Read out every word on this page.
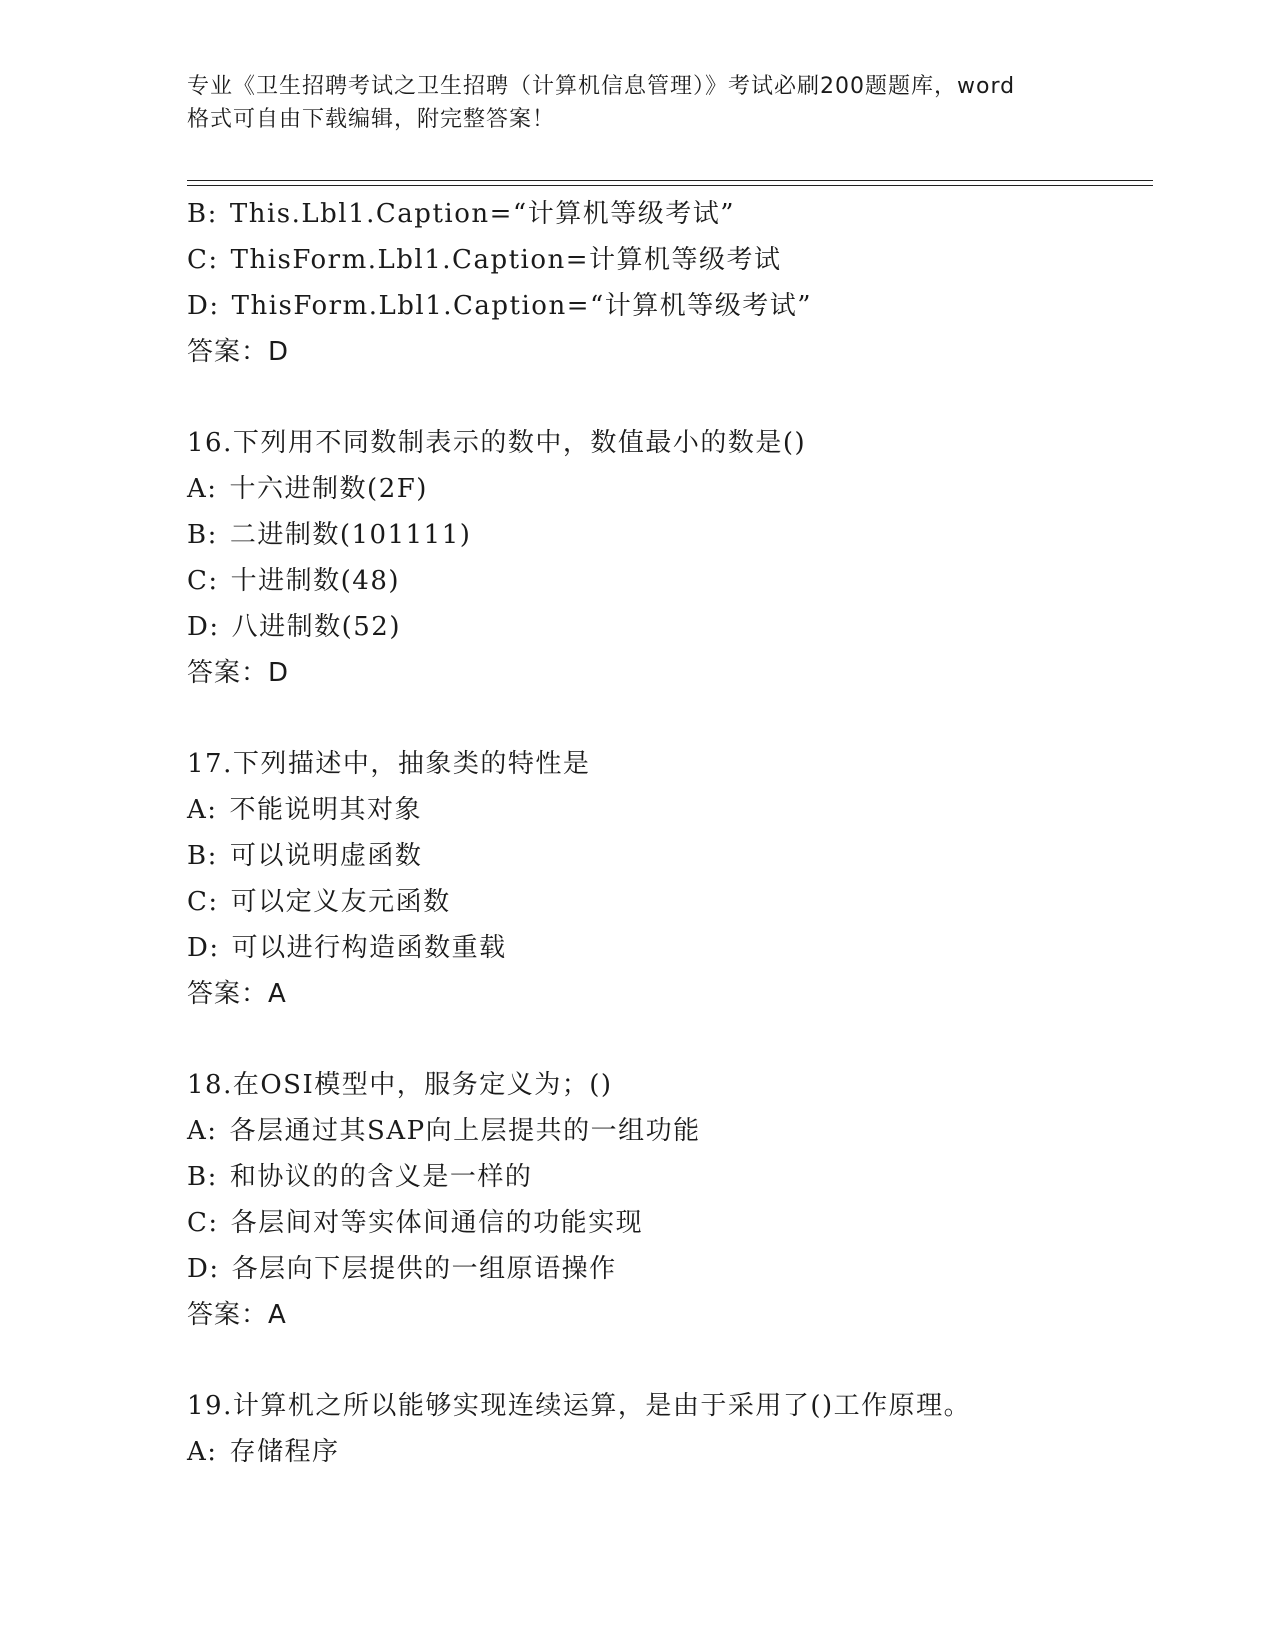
专业《卫生招聘考试之卫生招聘（计算机信息管理）》考试必刷200题题库，word
格式可自由下载编辑，附完整答案！
B: This.Lbl1.Caption=“计算机等级考试”
C: ThisForm.Lbl1.Caption=计算机等级考试
D: ThisForm.Lbl1.Caption=“计算机等级考试”
答案：D
16.下列用不同数制表示的数中，数值最小的数是()
A: 十六进制数(2F)
B: 二进制数(101111)
C: 十进制数(48)
D: 八进制数(52)
答案：D
17.下列描述中，抽象类的特性是
A: 不能说明其对象
B: 可以说明虚函数
C: 可以定义友元函数
D: 可以进行构造函数重载
答案：A
18.在OSI模型中，服务定义为；()
A: 各层通过其SAP向上层提共的一组功能
B: 和协议的的含义是一样的
C: 各层间对等实体间通信的功能实现
D: 各层向下层提供的一组原语操作
答案：A
19.计算机之所以能够实现连续运算，是由于采用了()工作原理。
A: 存储程序
